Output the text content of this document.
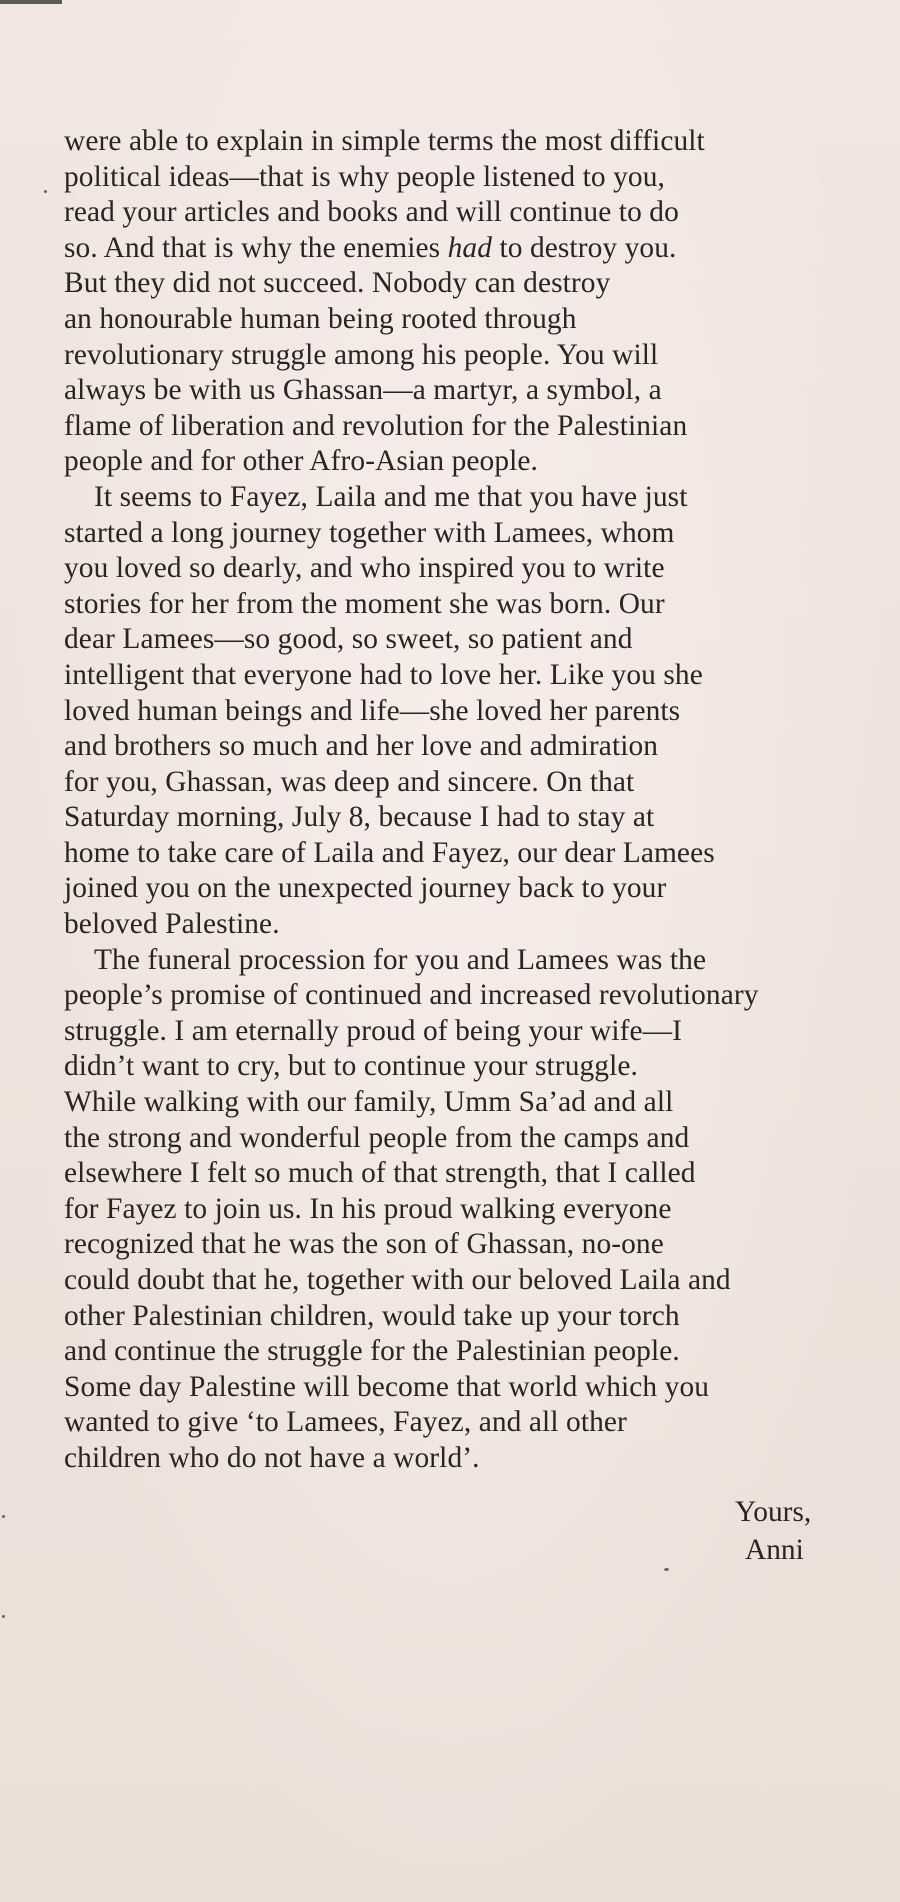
were able to explain in simple terms the most difficult
political ideas—that is why people listened to you,
read your articles and books and will continue to do
so. And that is why the enemies had to destroy you.
But they did not succeed. Nobody can destroy
an honourable human being rooted through
revolutionary struggle among his people. You will
always be with us Ghassan—a martyr, a symbol, a
flame of liberation and revolution for the Palestinian
people and for other Afro-Asian people.
It seems to Fayez, Laila and me that you have just
started a long journey together with Lamees, whom
you loved so dearly, and who inspired you to write
stories for her from the moment she was born. Our
dear Lamees—so good, so sweet, so patient and
intelligent that everyone had to love her. Like you she
loved human beings and life—she loved her parents
and brothers so much and her love and admiration
for you, Ghassan, was deep and sincere. On that
Saturday morning, July 8, because I had to stay at
home to take care of Laila and Fayez, our dear Lamees
joined you on the unexpected journey back to your
beloved Palestine.
The funeral procession for you and Lamees was the
people’s promise of continued and increased revolutionary
struggle. I am eternally proud of being your wife—I
didn’t want to cry, but to continue your struggle.
While walking with our family, Umm Sa’ad and all
the strong and wonderful people from the camps and
elsewhere I felt so much of that strength, that I called
for Fayez to join us. In his proud walking everyone
recognized that he was the son of Ghassan, no-one
could doubt that he, together with our beloved Laila and
other Palestinian children, would take up your torch
and continue the struggle for the Palestinian people.
Some day Palestine will become that world which you
wanted to give ‘to Lamees, Fayez, and all other
children who do not have a world’.
Yours,
Anni
